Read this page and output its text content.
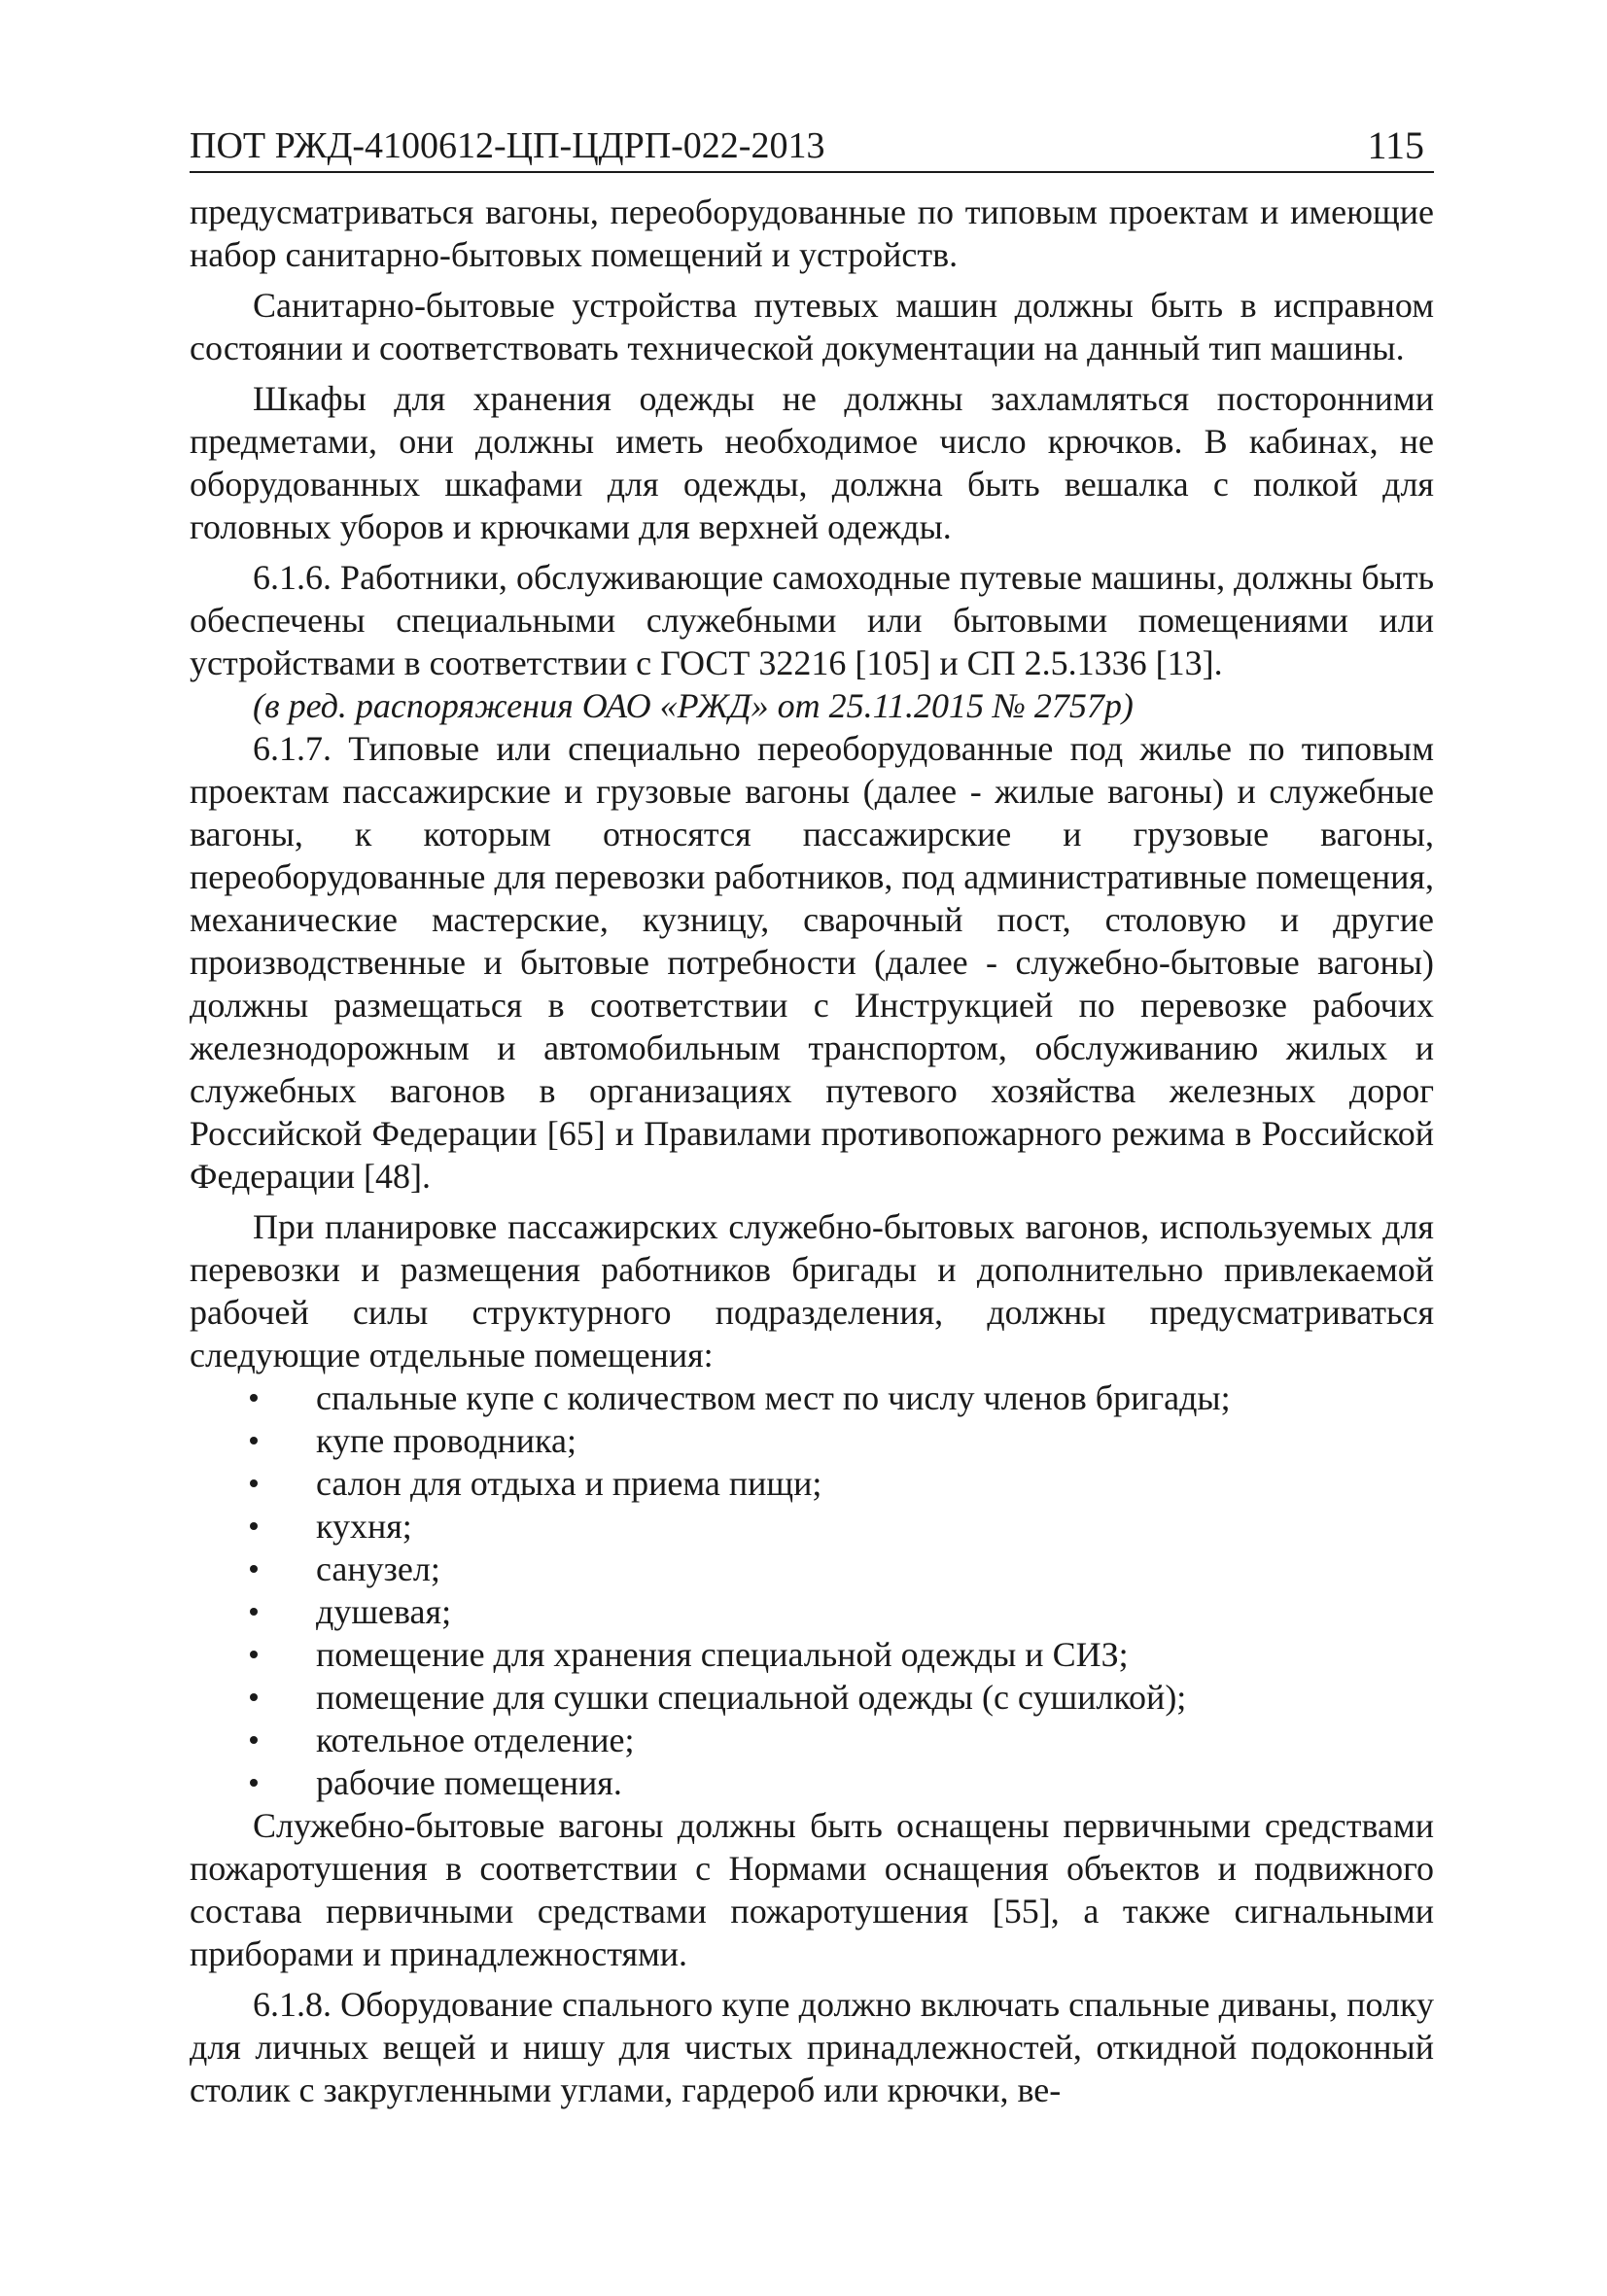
ПОТ РЖД-4100612-ЦП-ЦДРП-022-2013	115

предусматриваться вагоны, переоборудованные по типовым проектам и имеющие набор санитарно-бытовых помещений и устройств.

Санитарно-бытовые устройства путевых машин должны быть в исправном состоянии и соответствовать технической документации на данный тип машины.

Шкафы для хранения одежды не должны захламляться посторонними предметами, они должны иметь необходимое число крючков. В кабинах, не оборудованных шкафами для одежды, должна быть вешалка с полкой для головных уборов и крючками для верхней одежды.

6.1.6. Работники, обслуживающие самоходные путевые машины, должны быть обеспечены специальными служебными или бытовыми помещениями или устройствами в соответствии с ГОСТ 32216 [105] и СП 2.5.1336 [13].

(в ред. распоряжения ОАО «РЖД» от 25.11.2015 № 2757р)

6.1.7. Типовые или специально переоборудованные под жилье по типовым проектам пассажирские и грузовые вагоны (далее - жилые вагоны) и служебные вагоны, к которым относятся пассажирские и грузовые вагоны, переоборудованные для перевозки работников, под административные помещения, механические мастерские, кузницу, сварочный пост, столовую и другие производственные и бытовые потребности (далее - служебно-бытовые вагоны) должны размещаться в соответствии с Инструкцией по перевозке рабочих железнодорожным и автомобильным транспортом, обслуживанию жилых и служебных вагонов в организациях путевого хозяйства железных дорог Российской Федерации [65] и Правилами противопожарного режима в Российской Федерации [48].

При планировке пассажирских служебно-бытовых вагонов, используемых для перевозки и размещения работников бригады и дополнительно привлекаемой рабочей силы структурного подразделения, должны предусматриваться следующие отдельные помещения:

спальные купе с количеством мест по числу членов бригады;
купе проводника;
салон для отдыха и приема пищи;
кухня;
санузел;
душевая;
помещение для хранения специальной одежды и СИЗ;
помещение для сушки специальной одежды (с сушилкой);
котельное отделение;
рабочие помещения.

Служебно-бытовые вагоны должны быть оснащены первичными средствами пожаротушения в соответствии с Нормами оснащения объектов и подвижного состава первичными средствами пожаротушения [55], а также сигнальными приборами и принадлежностями.

6.1.8. Оборудование спального купе должно включать спальные диваны, полку для личных вещей и нишу для чистых принадлежностей, откидной подоконный столик с закругленными углами, гардероб или крючки, ве-
